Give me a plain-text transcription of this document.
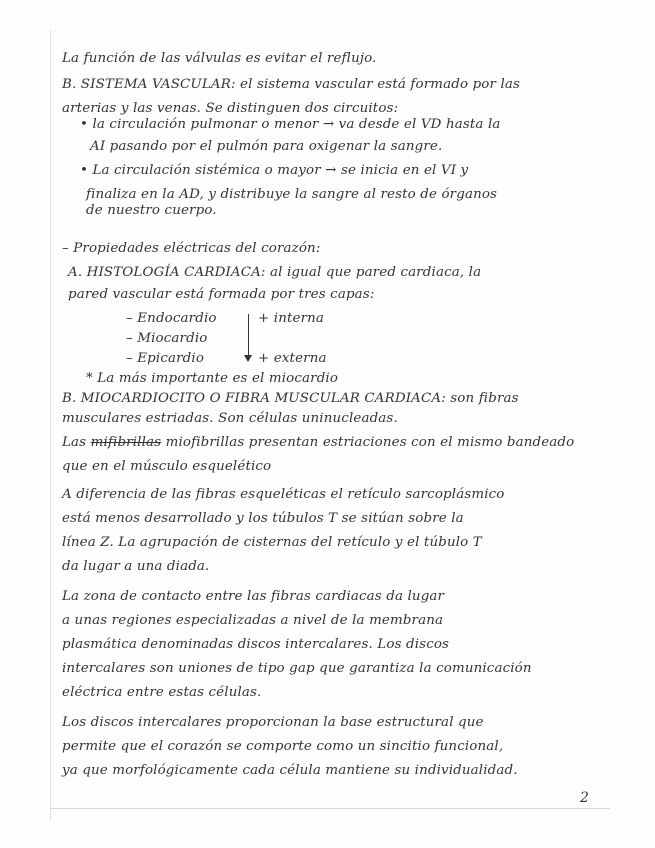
La función de las válvulas es evitar el reflujo.
B. SISTEMA VASCULAR: el sistema vascular está formado por las
arterias y las venas. Se distinguen dos circuitos:
• la circulación pulmonar o menor → va desde el VD hasta la
AI pasando por el pulmón para oxigenar la sangre.
• La circulación sistémica o mayor → se inicia en el VI y
finaliza en la AD, y distribuye la sangre al resto de órganos
de nuestro cuerpo.
– Propiedades eléctricas del corazón:
A. HISTOLOGÍA CARDIACA: al igual que pared cardiaca, la
pared vascular está formada por tres capas:
– Endocardio	+ interna
– Miocardio
– Epicardio	+ externa
* La más importante es el miocardio
B. MIOCARDIOCITO O FIBRA MUSCULAR CARDIACA: son fibras
musculares estriadas. Son células uninucleadas.
Las mifibrillas miofibrillas presentan estriaciones con el mismo bandeado
que en el músculo esquelético
A diferencia de las fibras esqueléticas el retículo sarcoplásmico
está menos desarrollado y los túbulos T se sitúan sobre la
línea Z. La agrupación de cisternas del retículo y el túbulo T
da lugar a una diada.
La zona de contacto entre las fibras cardiacas da lugar
a unas regiones especializadas a nivel de la membrana
plasmática denominadas discos intercalares. Los discos
intercalares son uniones de tipo gap que garantiza la comunicación
eléctrica entre estas células.
Los discos intercalares proporcionan la base estructural que
permite que el corazón se comporte como un sincitio funcional,
ya que morfológicamente cada célula mantiene su individualidad.
2
